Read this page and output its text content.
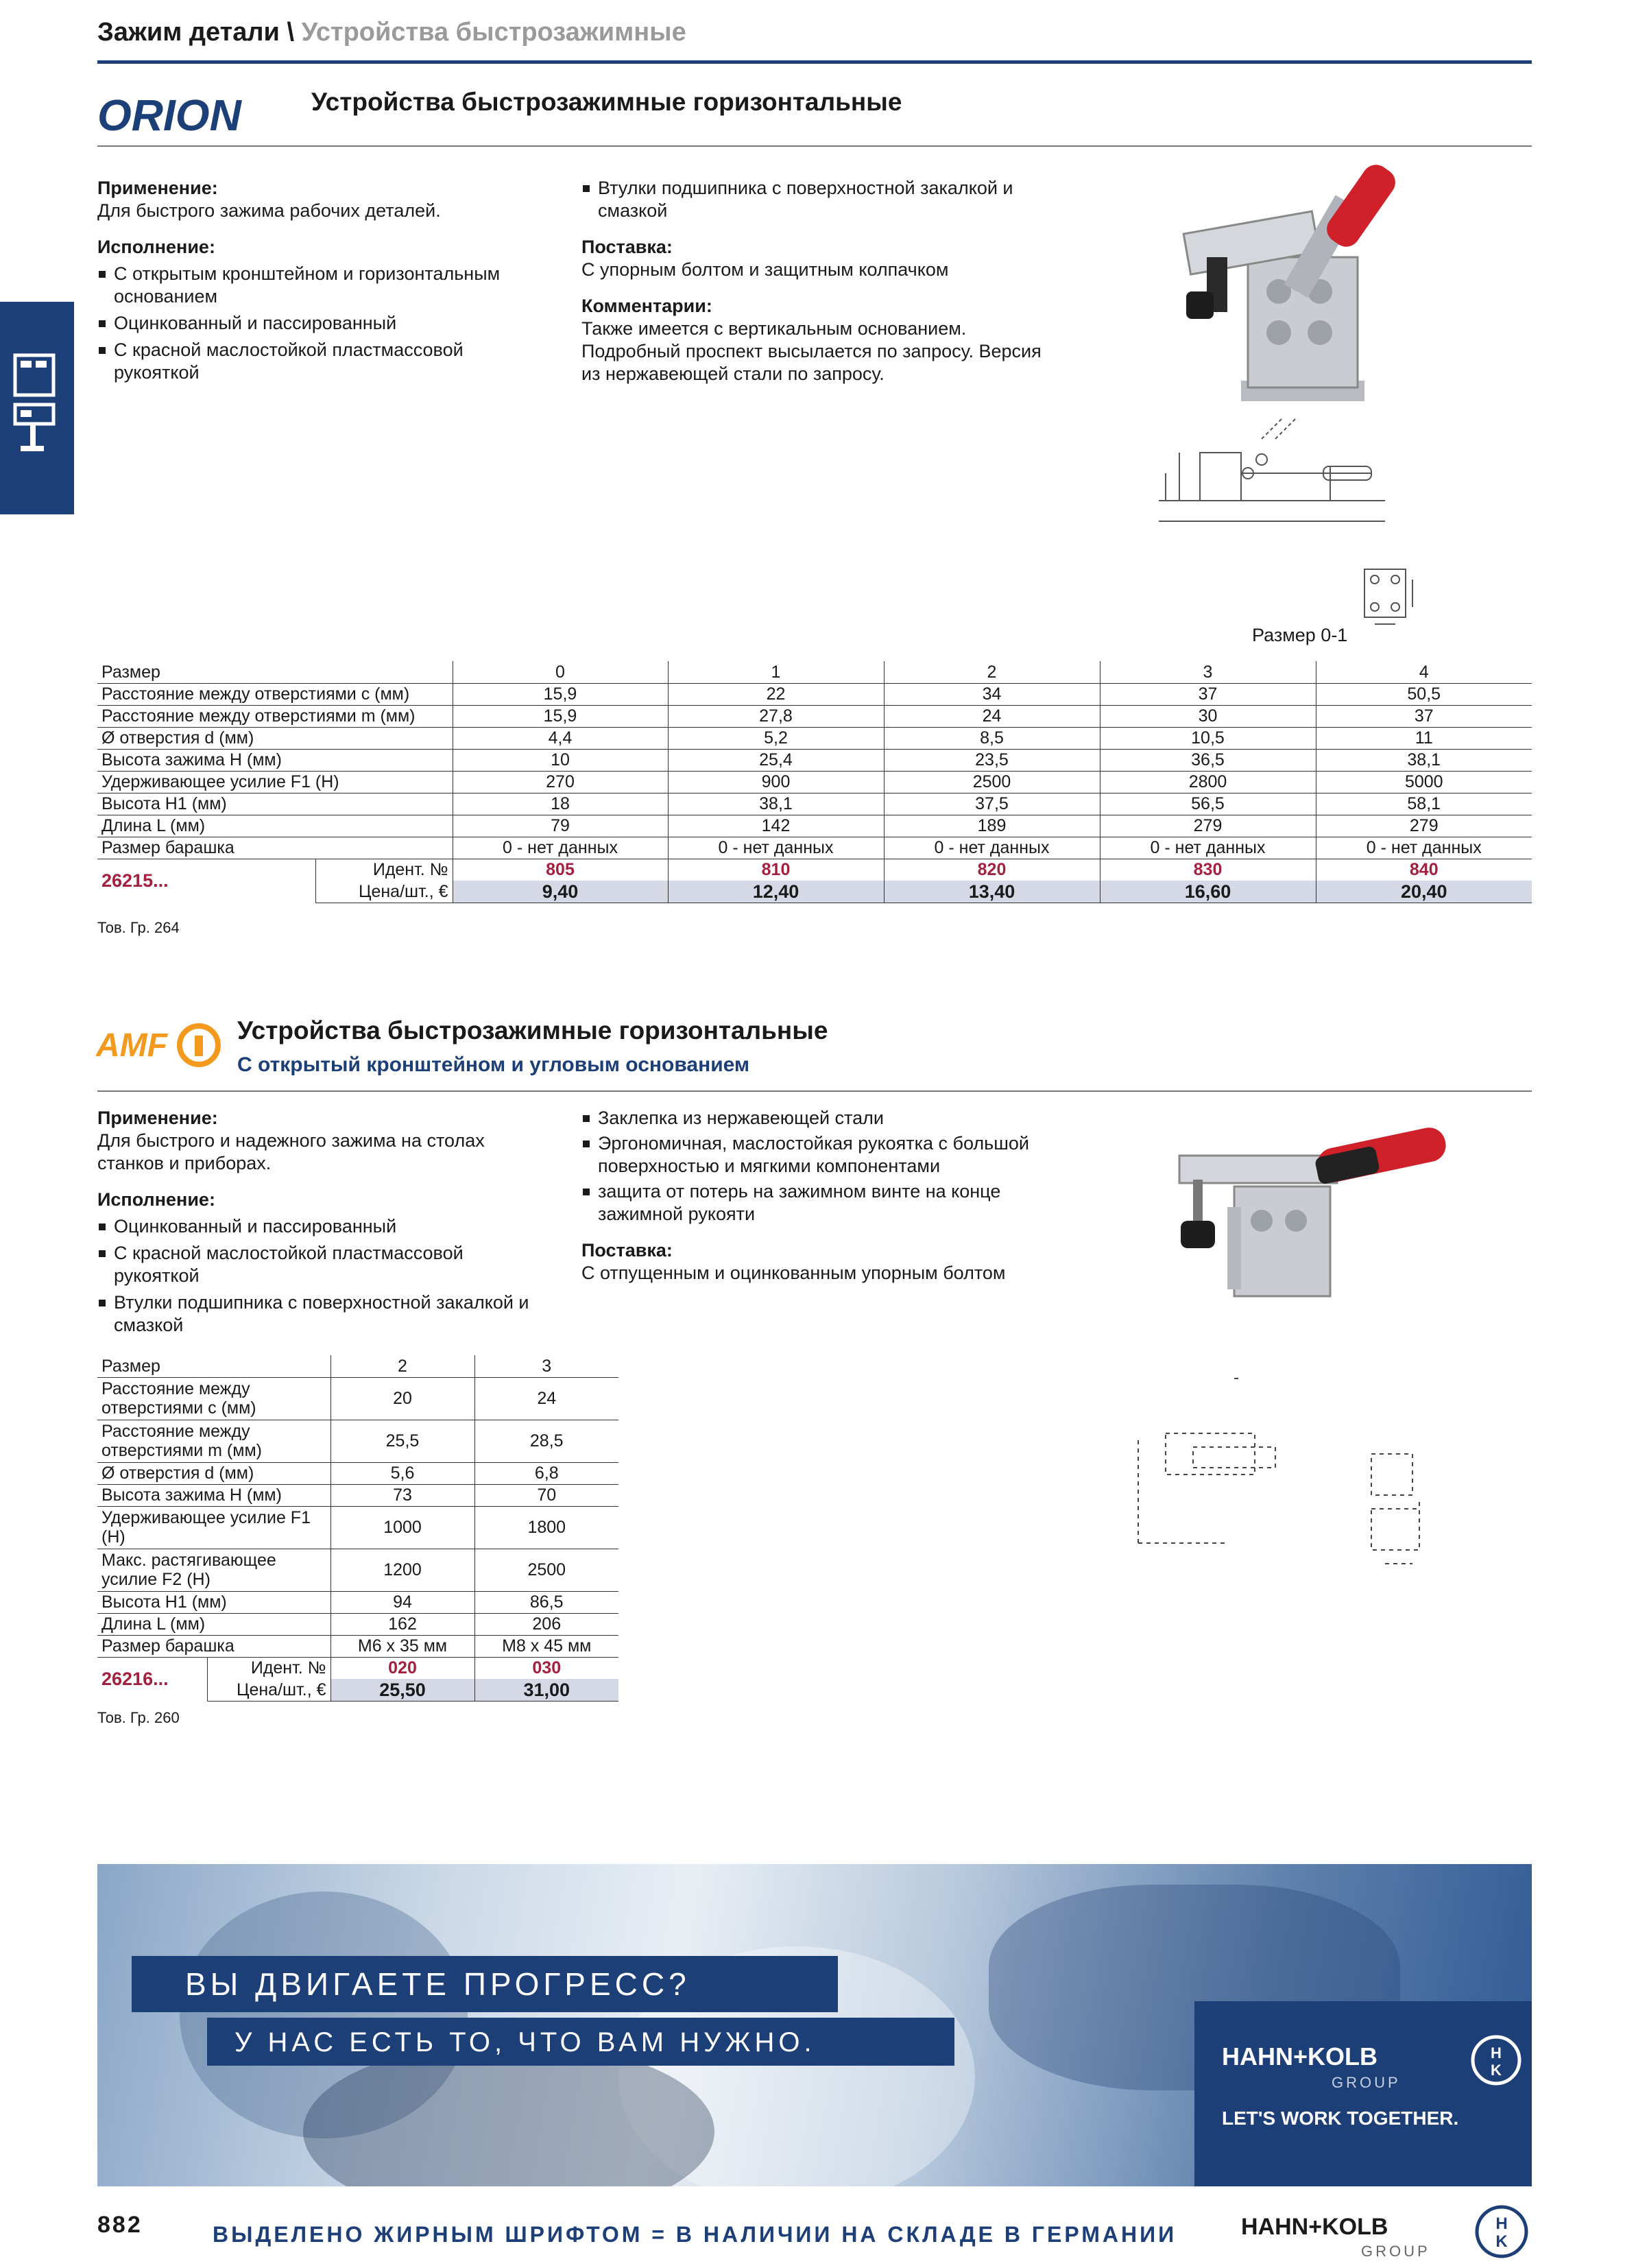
Зажим детали \ Устройства быстрозажимные
ORION	Устройства быстрозажимные горизонтальные
Применение:
Для быстрого зажима рабочих деталей.
Исполнение:
С открытым кронштейном и горизонтальным основанием
Оцинкованный и пассированный
С красной маслостойкой пластмассовой рукояткой
Втулки подшипника с поверхностной закалкой и смазкой
Поставка:
С упорным болтом и защитным колпачком
Комментарии:
Также имеется с вертикальным основанием. Подробный проспект высылается по запросу. Версия из нержавеющей стали по запросу.
Размер 0-1
Размер		0	1	2	3	4
Расстояние между отверстиями c (мм)		15,9	22	34	37	50,5
Расстояние между отверстиями m (мм)		15,9	27,8	24	30	37
Ø отверстия d (мм)		4,4	5,2	8,5	10,5	11
Высота зажима H (мм)		10	25,4	23,5	36,5	38,1
Удерживающее усилие F1 (H)		270	900	2500	2800	5000
Высота H1 (мм)		18	38,1	37,5	56,5	58,1
Длина L (мм)		79	142	189	279	279
Размер барашка		0 - нет данных	0 - нет данных	0 - нет данных	0 - нет данных	0 - нет данных
26215...	Идент. №	805	810	820	830	840
	Цена/шт., €	9,40	12,40	13,40	16,60	20,40
Тов. Гр. 264
AMF	Устройства быстрозажимные горизонтальные
С открытый кронштейном и угловым основанием
Применение:
Для быстрого и надежного зажима на столах станков и приборах.
Исполнение:
Оцинкованный и пассированный
С красной маслостойкой пластмассовой рукояткой
Втулки подшипника с поверхностной закалкой и смазкой
Заклепка из нержавеющей стали
Эргономичная, маслостойкая рукоятка с большой поверхностью и мягкими компонентами
защита от потерь на зажимном винте на конце зажимной рукояти
Поставка:
С отпущенным и оцинкованным упорным болтом
Размер		2	3
Расстояние между отверстиями c (мм)		20	24
Расстояние между отверстиями m (мм)		25,5	28,5
Ø отверстия d (мм)		5,6	6,8
Высота зажима H (мм)		73	70
Удерживающее усилие F1 (H)		1000	1800
Макс. растягивающее усилие F2 (H)		1200	2500
Высота H1 (мм)		94	86,5
Длина L (мм)		162	206
Размер барашка		M6 x 35 мм	M8 x 45 мм
26216...	Идент. №	020	030
	Цена/шт., €	25,50	31,00
Тов. Гр. 260
ВЫ ДВИГАЕТЕ ПРОГРЕСС?
У НАС ЕСТЬ ТО, ЧТО ВАМ НУЖНО.	HAHN+KOLB
GROUP
H
K
LET'S WORK TOGETHER.
882	ВЫДЕЛЕНО ЖИРНЫМ ШРИФТОМ = В НАЛИЧИИ НА СКЛАДЕ В ГЕРМАНИИ	HAHN+KOLB
GROUP
H
K
